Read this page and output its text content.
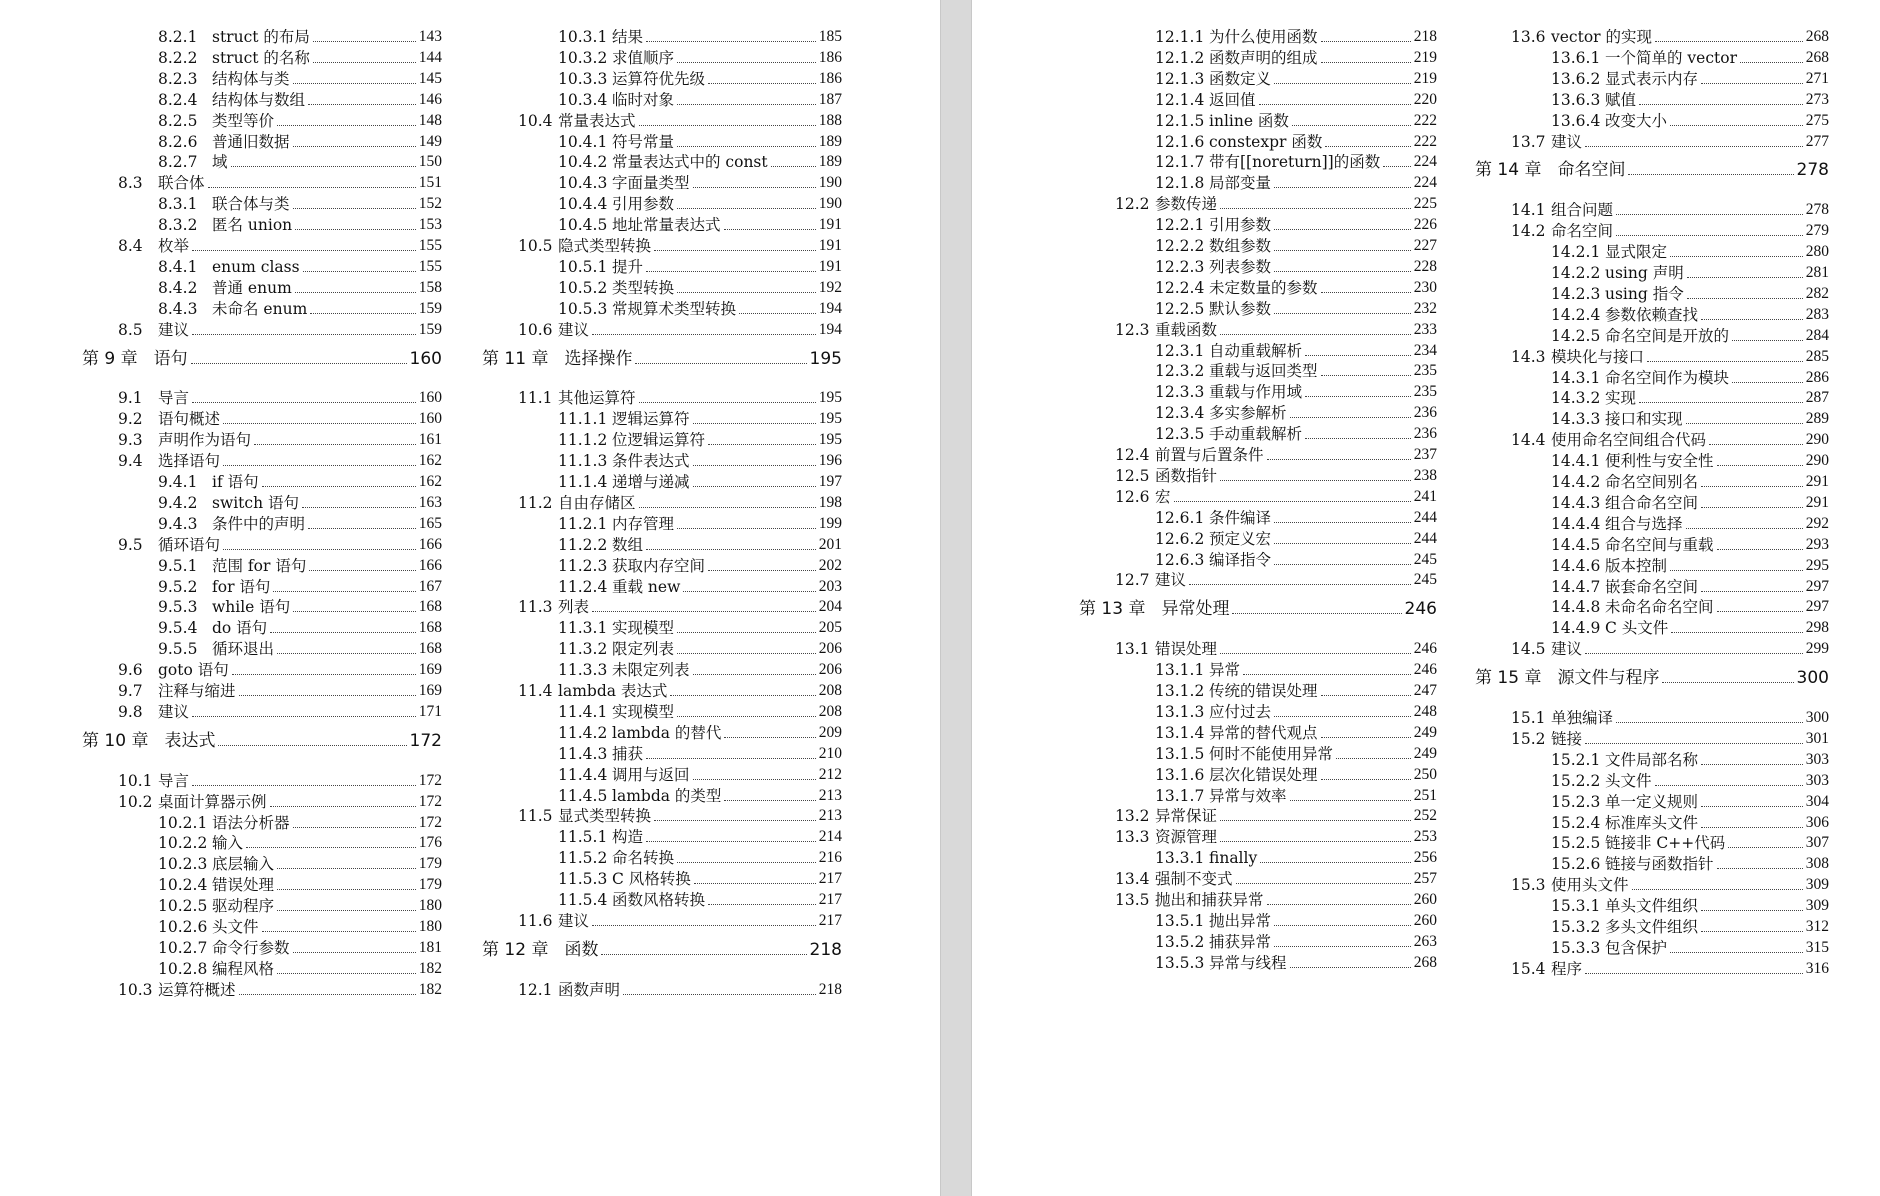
8.2.1 struct 的布局	143
8.2.2 struct 的名称	144
8.2.3 结构体与类	145
8.2.4 结构体与数组	146
8.2.5 类型等价	148
8.2.6 普通旧数据	149
8.2.7 域	150
8.3 联合体	151
8.3.1 联合体与类	152
8.3.2 匿名 union	153
8.4 枚举	155
8.4.1 enum class	155
8.4.2 普通 enum	158
8.4.3 未命名 enum	159
8.5 建议	159
第 9 章 语句	160
9.1 导言	160
9.2 语句概述	160
9.3 声明作为语句	161
9.4 选择语句	162
9.4.1 if 语句	162
9.4.2 switch 语句	163
9.4.3 条件中的声明	165
9.5 循环语句	166
9.5.1 范围 for 语句	166
9.5.2 for 语句	167
9.5.3 while 语句	168
9.5.4 do 语句	168
9.5.5 循环退出	168
9.6 goto 语句	169
9.7 注释与缩进	169
9.8 建议	171
第 10 章 表达式	172
10.1 导言	172
10.2 桌面计算器示例	172
10.2.1 语法分析器	172
10.2.2 输入	176
10.2.3 底层输入	179
10.2.4 错误处理	179
10.2.5 驱动程序	180
10.2.6 头文件	180
10.2.7 命令行参数	181
10.2.8 编程风格	182
10.3 运算符概述	182
10.3.1 结果	185
10.3.2 求值顺序	186
10.3.3 运算符优先级	186
10.3.4 临时对象	187
10.4 常量表达式	188
10.4.1 符号常量	189
10.4.2 常量表达式中的 const	189
10.4.3 字面量类型	190
10.4.4 引用参数	190
10.4.5 地址常量表达式	191
10.5 隐式类型转换	191
10.5.1 提升	191
10.5.2 类型转换	192
10.5.3 常规算术类型转换	194
10.6 建议	194
第 11 章 选择操作	195
11.1 其他运算符	195
11.1.1 逻辑运算符	195
11.1.2 位逻辑运算符	195
11.1.3 条件表达式	196
11.1.4 递增与递减	197
11.2 自由存储区	198
11.2.1 内存管理	199
11.2.2 数组	201
11.2.3 获取内存空间	202
11.2.4 重载 new	203
11.3 列表	204
11.3.1 实现模型	205
11.3.2 限定列表	206
11.3.3 未限定列表	206
11.4 lambda 表达式	208
11.4.1 实现模型	208
11.4.2 lambda 的替代	209
11.4.3 捕获	210
11.4.4 调用与返回	212
11.4.5 lambda 的类型	213
11.5 显式类型转换	213
11.5.1 构造	214
11.5.2 命名转换	216
11.5.3 C 风格转换	217
11.5.4 函数风格转换	217
11.6 建议	217
第 12 章 函数	218
12.1 函数声明	218
12.1.1 为什么使用函数	218
12.1.2 函数声明的组成	219
12.1.3 函数定义	219
12.1.4 返回值	220
12.1.5 inline 函数	222
12.1.6 constexpr 函数	222
12.1.7 带有[[noreturn]]的函数 224
12.1.8 局部变量	224
12.2 参数传递	225
12.2.1 引用参数	226
12.2.2 数组参数	227
12.2.3 列表参数	228
12.2.4 未定数量的参数	230
12.2.5 默认参数	232
12.3 重载函数	233
12.3.1 自动重载解析	234
12.3.2 重载与返回类型	235
12.3.3 重载与作用域	235
12.3.4 多实参解析	236
12.3.5 手动重载解析	236
12.4 前置与后置条件	237
12.5 函数指针	238
12.6 宏	241
12.6.1 条件编译	244
12.6.2 预定义宏	244
12.6.3 编译指令	245
12.7 建议	245
第 13 章 异常处理	246
13.1 错误处理	246
13.1.1 异常	246
13.1.2 传统的错误处理	247
13.1.3 应付过去	248
13.1.4 异常的替代观点	249
13.1.5 何时不能使用异常	249
13.1.6 层次化错误处理	250
13.1.7 异常与效率	251
13.2 异常保证	252
13.3 资源管理	253
13.3.1 finally	256
13.4 强制不变式	257
13.5 抛出和捕获异常	260
13.5.1 抛出异常	260
13.5.2 捕获异常	263
13.5.3 异常与线程	268
13.6 vector 的实现	268
13.6.1 一个简单的 vector	268
13.6.2 显式表示内存	271
13.6.3 赋值	273
13.6.4 改变大小	275
13.7 建议	277
第 14 章 命名空间	278
14.1 组合问题	278
14.2 命名空间	279
14.2.1 显式限定	280
14.2.2 using 声明	281
14.2.3 using 指令	282
14.2.4 参数依赖查找	283
14.2.5 命名空间是开放的	284
14.3 模块化与接口	285
14.3.1 命名空间作为模块	286
14.3.2 实现	287
14.3.3 接口和实现	289
14.4 使用命名空间组合代码	290
14.4.1 便利性与安全性	290
14.4.2 命名空间别名	291
14.4.3 组合命名空间	291
14.4.4 组合与选择	292
14.4.5 命名空间与重载	293
14.4.6 版本控制	295
14.4.7 嵌套命名空间	297
14.4.8 未命名命名空间	297
14.4.9 C 头文件	298
14.5 建议	299
第 15 章 源文件与程序	300
15.1 单独编译	300
15.2 链接	301
15.2.1 文件局部名称	303
15.2.2 头文件	303
15.2.3 单一定义规则	304
15.2.4 标准库头文件	306
15.2.5 链接非 C++代码	307
15.2.6 链接与函数指针	308
15.3 使用头文件	309
15.3.1 单头文件组织	309
15.3.2 多头文件组织	312
15.3.3 包含保护	315
15.4 程序	316
